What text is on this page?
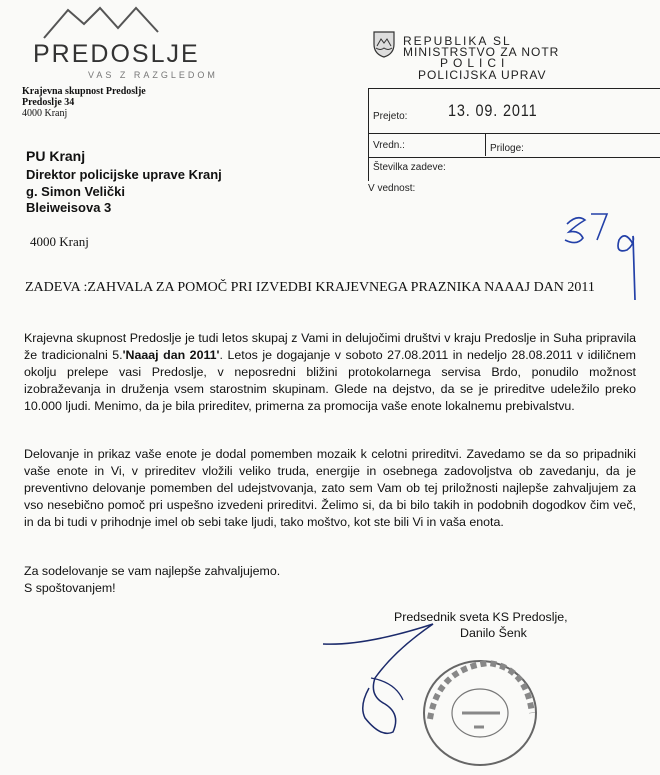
PREDOSLJE
VAS Z RAZGLEDOM
Krajevna skupnost Predoslje
Predoslje 34
4000 Kranj
REPUBLIKA SL
MINISTRSTVO ZA NOTR
POLICI
POLICIJSKA UPRAV
Prejeto: 13. 09. 2011
Vredn.:	Priloge:
Številka zadeve:
V vednost:
PU Kranj
Direktor policijske uprave Kranj
g. Simon Velički
Bleiweisova 3
4000 Kranj
ZADEVA :ZAHVALA ZA POMOČ PRI IZVEDBI KRAJEVNEGA PRAZNIKA NAAAJ DAN 2011
Krajevna skupnost Predoslje je tudi letos skupaj z Vami in delujočimi društvi v kraju Predoslje in Suha pripravila že tradicionalni 5.'Naaaj dan 2011'. Letos je dogajanje v soboto 27.08.2011 in nedeljo 28.08.2011 v idiličnem okolju prelepe vasi Predoslje, v neposredni bližini protokolarnega servisa Brdo, ponudilo možnost izobraževanja in druženja vsem starostnim skupinam. Glede na dejstvo, da se je prireditve udeležilo preko 10.000 ljudi. Menimo, da je bila prireditev, primerna za promocija vaše enote lokalnemu prebivalstvu.
Delovanje in prikaz vaše enote je dodal pomemben mozaik k celotni prireditvi. Zavedamo se da so pripadniki vaše enote in Vi, v prireditev vložili veliko truda, energije in osebnega zadovoljstva ob zavedanju, da je preventivno delovanje pomemben del udejstvovanja, zato sem Vam ob tej priložnosti najlepše zahvaljujem za vso nesebično pomoč pri uspešno izvedeni prireditvi. Želimo si, da bi bilo takih in podobnih dogodkov čim več, in da bi tudi v prihodnje imel ob sebi take ljudi, tako moštvo, kot ste bili Vi in vaša enota.
Za sodelovanje se vam najlepše zahvaljujemo.
S spoštovanjem!
Predsednik sveta KS Predoslje,
Danilo Šenk
